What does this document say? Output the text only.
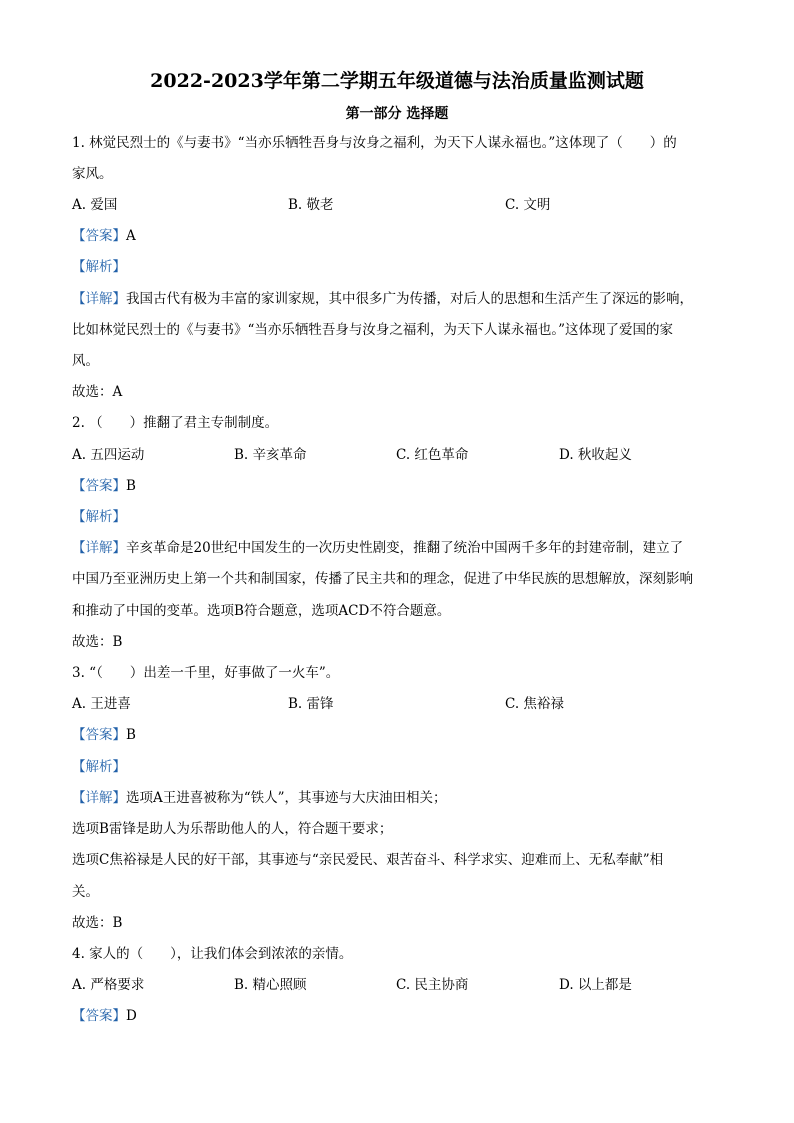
2022-2023学年第二学期五年级道德与法治质量监测试题
第一部分 选择题
1. 林觉民烈士的《与妻书》“当亦乐牺牲吾身与汝身之福利，为天下人谋永福也。”这体现了（　　）的
家风。
A. 爱国	B. 敬老	C. 文明
【答案】A
【解析】
【详解】我国古代有极为丰富的家训家规，其中很多广为传播，对后人的思想和生活产生了深远的影响，
比如林觉民烈士的《与妻书》“当亦乐牺牲吾身与汝身之福利，为天下人谋永福也。”这体现了爱国的家
风。
故选：A
2. （　　）推翻了君主专制制度。
A. 五四运动	B. 辛亥革命	C. 红色革命	D. 秋收起义
【答案】B
【解析】
【详解】辛亥革命是20世纪中国发生的一次历史性剧变，推翻了统治中国两千多年的封建帝制，建立了
中国乃至亚洲历史上第一个共和制国家，传播了民主共和的理念，促进了中华民族的思想解放，深刻影响
和推动了中国的变革。选项B符合题意，选项ACD不符合题意。
故选：B
3. “（　　）出差一千里，好事做了一火车”。
A. 王进喜	B. 雷锋	C. 焦裕禄
【答案】B
【解析】
【详解】选项A王进喜被称为“铁人”，其事迹与大庆油田相关；
选项B雷锋是助人为乐帮助他人的人，符合题干要求；
选项C焦裕禄是人民的好干部，其事迹与“亲民爱民、艰苦奋斗、科学求实、迎难而上、无私奉献”相
关。
故选：B
4. 家人的（　　），让我们体会到浓浓的亲情。
A. 严格要求	B. 精心照顾	C. 民主协商	D. 以上都是
【答案】D
